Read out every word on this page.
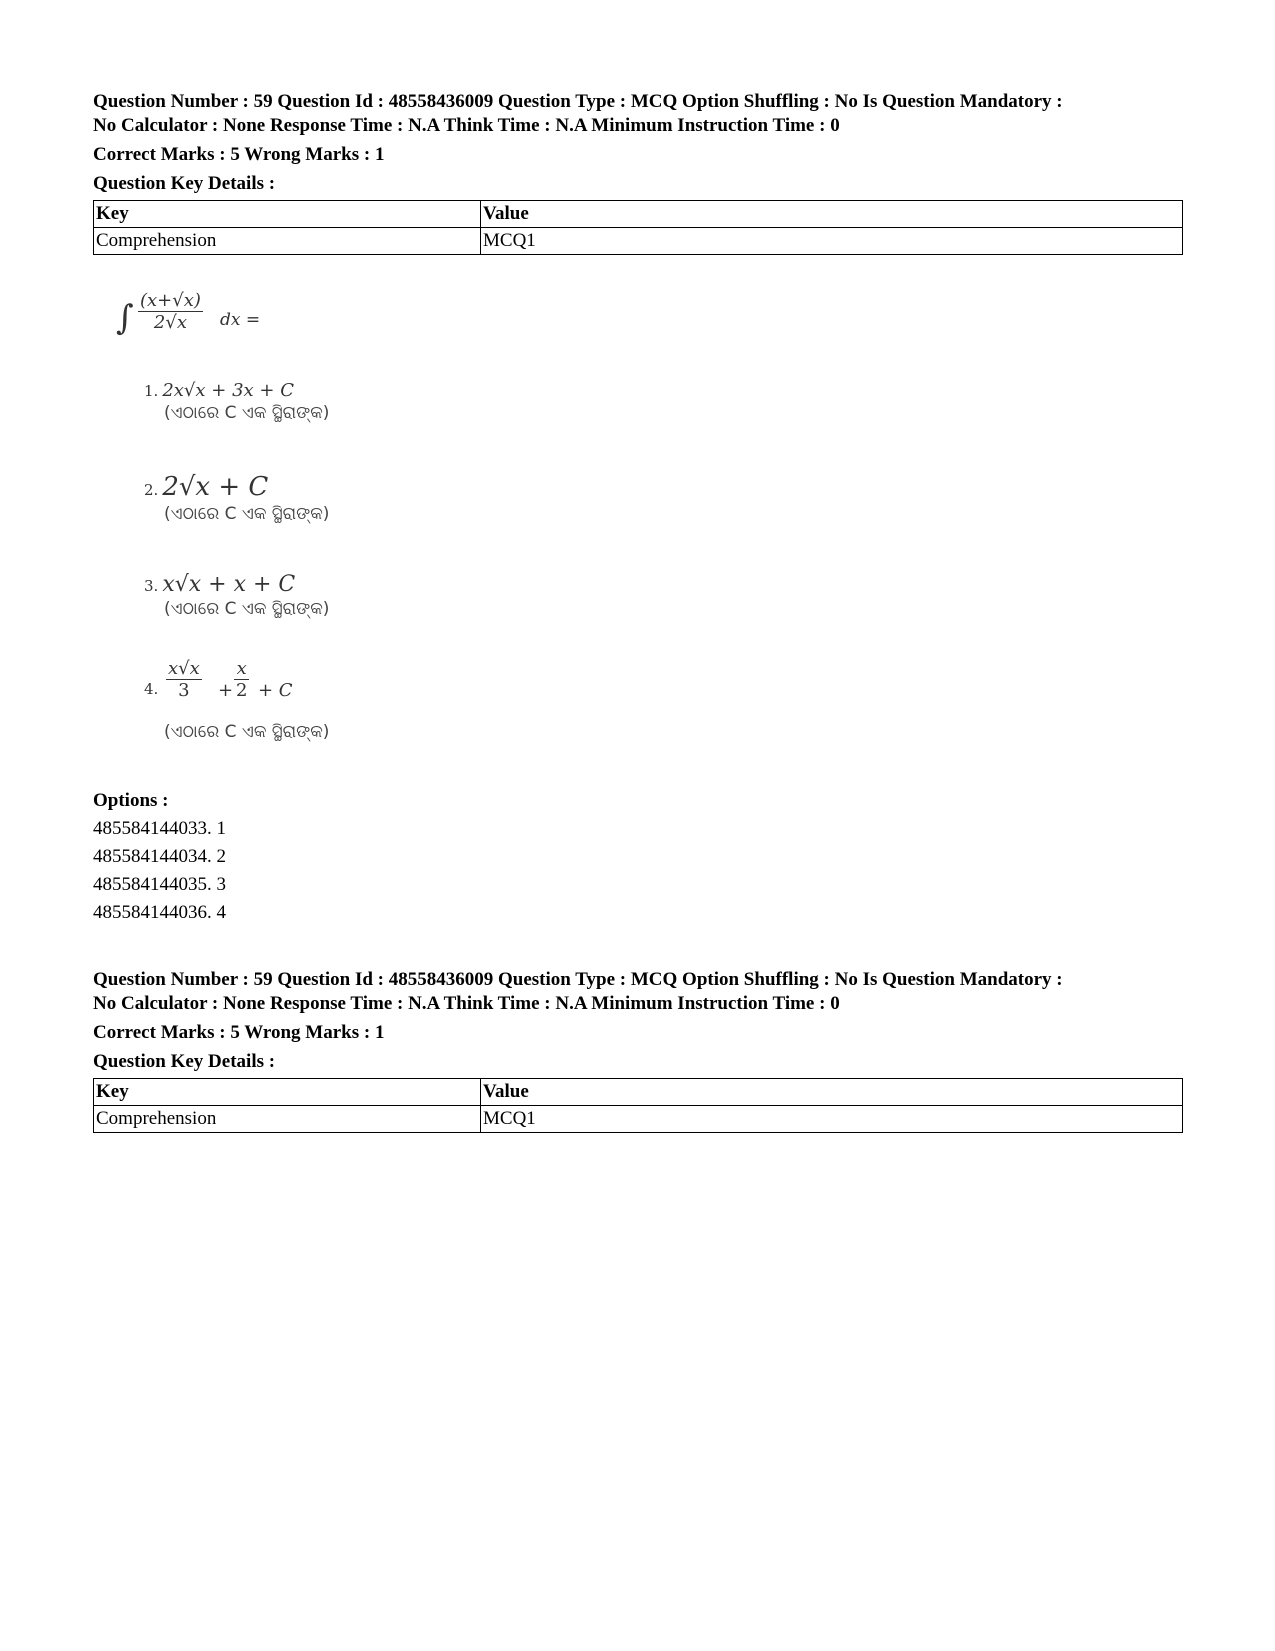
Question Number : 59 Question Id : 48558436009 Question Type : MCQ Option Shuffling : No Is Question Mandatory :

No Calculator : None Response Time : N.A Think Time : N.A Minimum Instruction Time : 0

Correct Marks : 5 Wrong Marks : 1

Question Key Details :

Key	Value
Comprehension	MCQ1
∫ $\frac{(x+√x)}{2√x}$ dx =
1. 2x√x + 3x + C
(ଏଠାରେ C ଏକ ସ୍ଥିରାଙ୍କ)
2. 2√x + C
(ଏଠାରେ C ଏକ ସ୍ଥିରାଙ୍କ)
3. x√x + x + C
(ଏଠାରେ C ଏକ ସ୍ଥିରାଙ୍କ)
4. $\frac{x√x}{3} + \frac{x}{2} + C$
(ଏଠାରେ C ଏକ ସ୍ଥିରାଙ୍କ)
Options :
485584144033. 1
485584144034. 2
485584144035. 3
485584144036. 4

Question Number : 59 Question Id : 48558436009 Question Type : MCQ Option Shuffling : No Is Question Mandatory :

No Calculator : None Response Time : N.A Think Time : N.A Minimum Instruction Time : 0

Correct Marks : 5 Wrong Marks : 1

Question Key Details :

Key	Value
Comprehension	MCQ1
